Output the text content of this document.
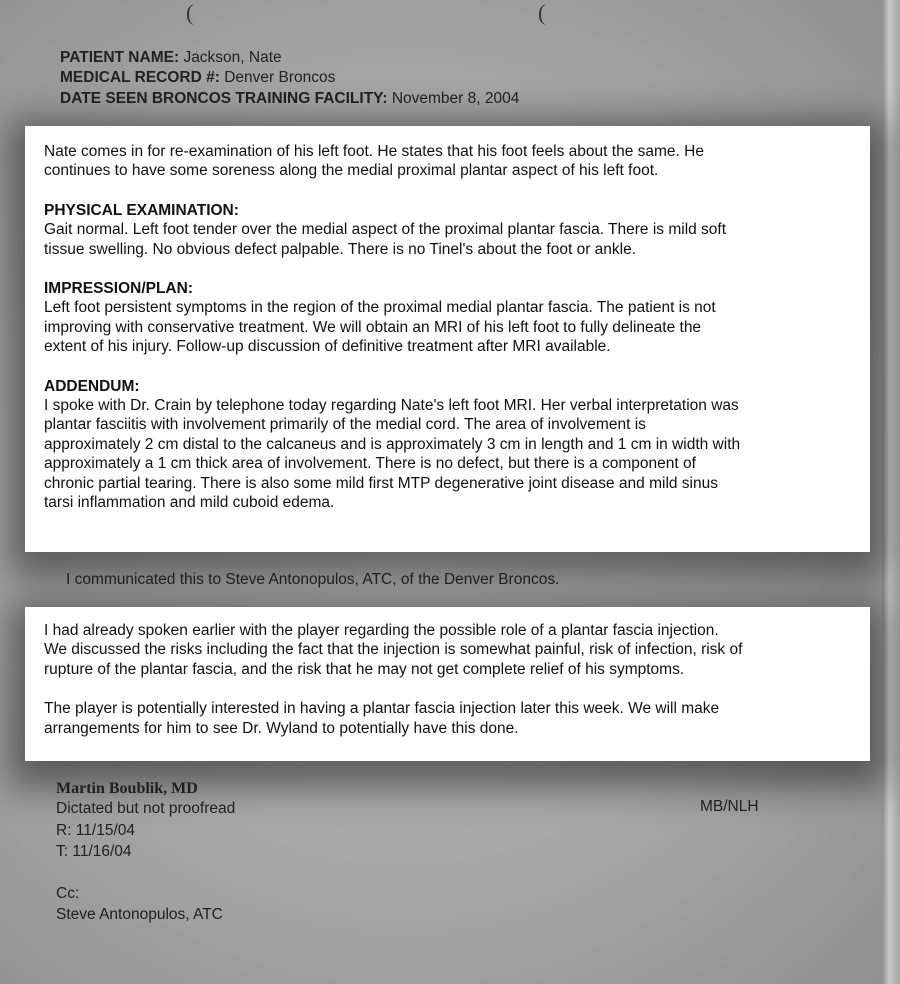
(	(
PATIENT NAME: Jackson, Nate
MEDICAL RECORD #: Denver Broncos
DATE SEEN BRONCOS TRAINING FACILITY: November 8, 2004

Nate comes in for re-examination of his left foot. He states that his foot feels about the same. He

continues to have some soreness along the medial proximal plantar aspect of his left foot.

PHYSICAL EXAMINATION:

Gait normal. Left foot tender over the medial aspect of the proximal plantar fascia. There is mild soft

tissue swelling. No obvious defect palpable. There is no Tinel's about the foot or ankle.

IMPRESSION/PLAN:

Left foot persistent symptoms in the region of the proximal medial plantar fascia. The patient is not

improving with conservative treatment. We will obtain an MRI of his left foot to fully delineate the

extent of his injury. Follow-up discussion of definitive treatment after MRI available.

ADDENDUM:

I spoke with Dr. Crain by telephone today regarding Nate's left foot MRI. Her verbal interpretation was

plantar fasciitis with involvement primarily of the medial cord. The area of involvement is

approximately 2 cm distal to the calcaneus and is approximately 3 cm in length and 1 cm in width with

approximately a 1 cm thick area of involvement. There is no defect, but there is a component of

chronic partial tearing. There is also some mild first MTP degenerative joint disease and mild sinus

tarsi inflammation and mild cuboid edema.

I communicated this to Steve Antonopulos, ATC, of the Denver Broncos.

I had already spoken earlier with the player regarding the possible role of a plantar fascia injection.

We discussed the risks including the fact that the injection is somewhat painful, risk of infection, risk of

rupture of the plantar fascia, and the risk that he may not get complete relief of his symptoms.

The player is potentially interested in having a plantar fascia injection later this week. We will make

arrangements for him to see Dr. Wyland to potentially have this done.

Martin Boublik, MD
Dictated but not proofread
R: 11/15/04
T: 11/16/04
MB/NLH
Cc:
Steve Antonopulos, ATC
